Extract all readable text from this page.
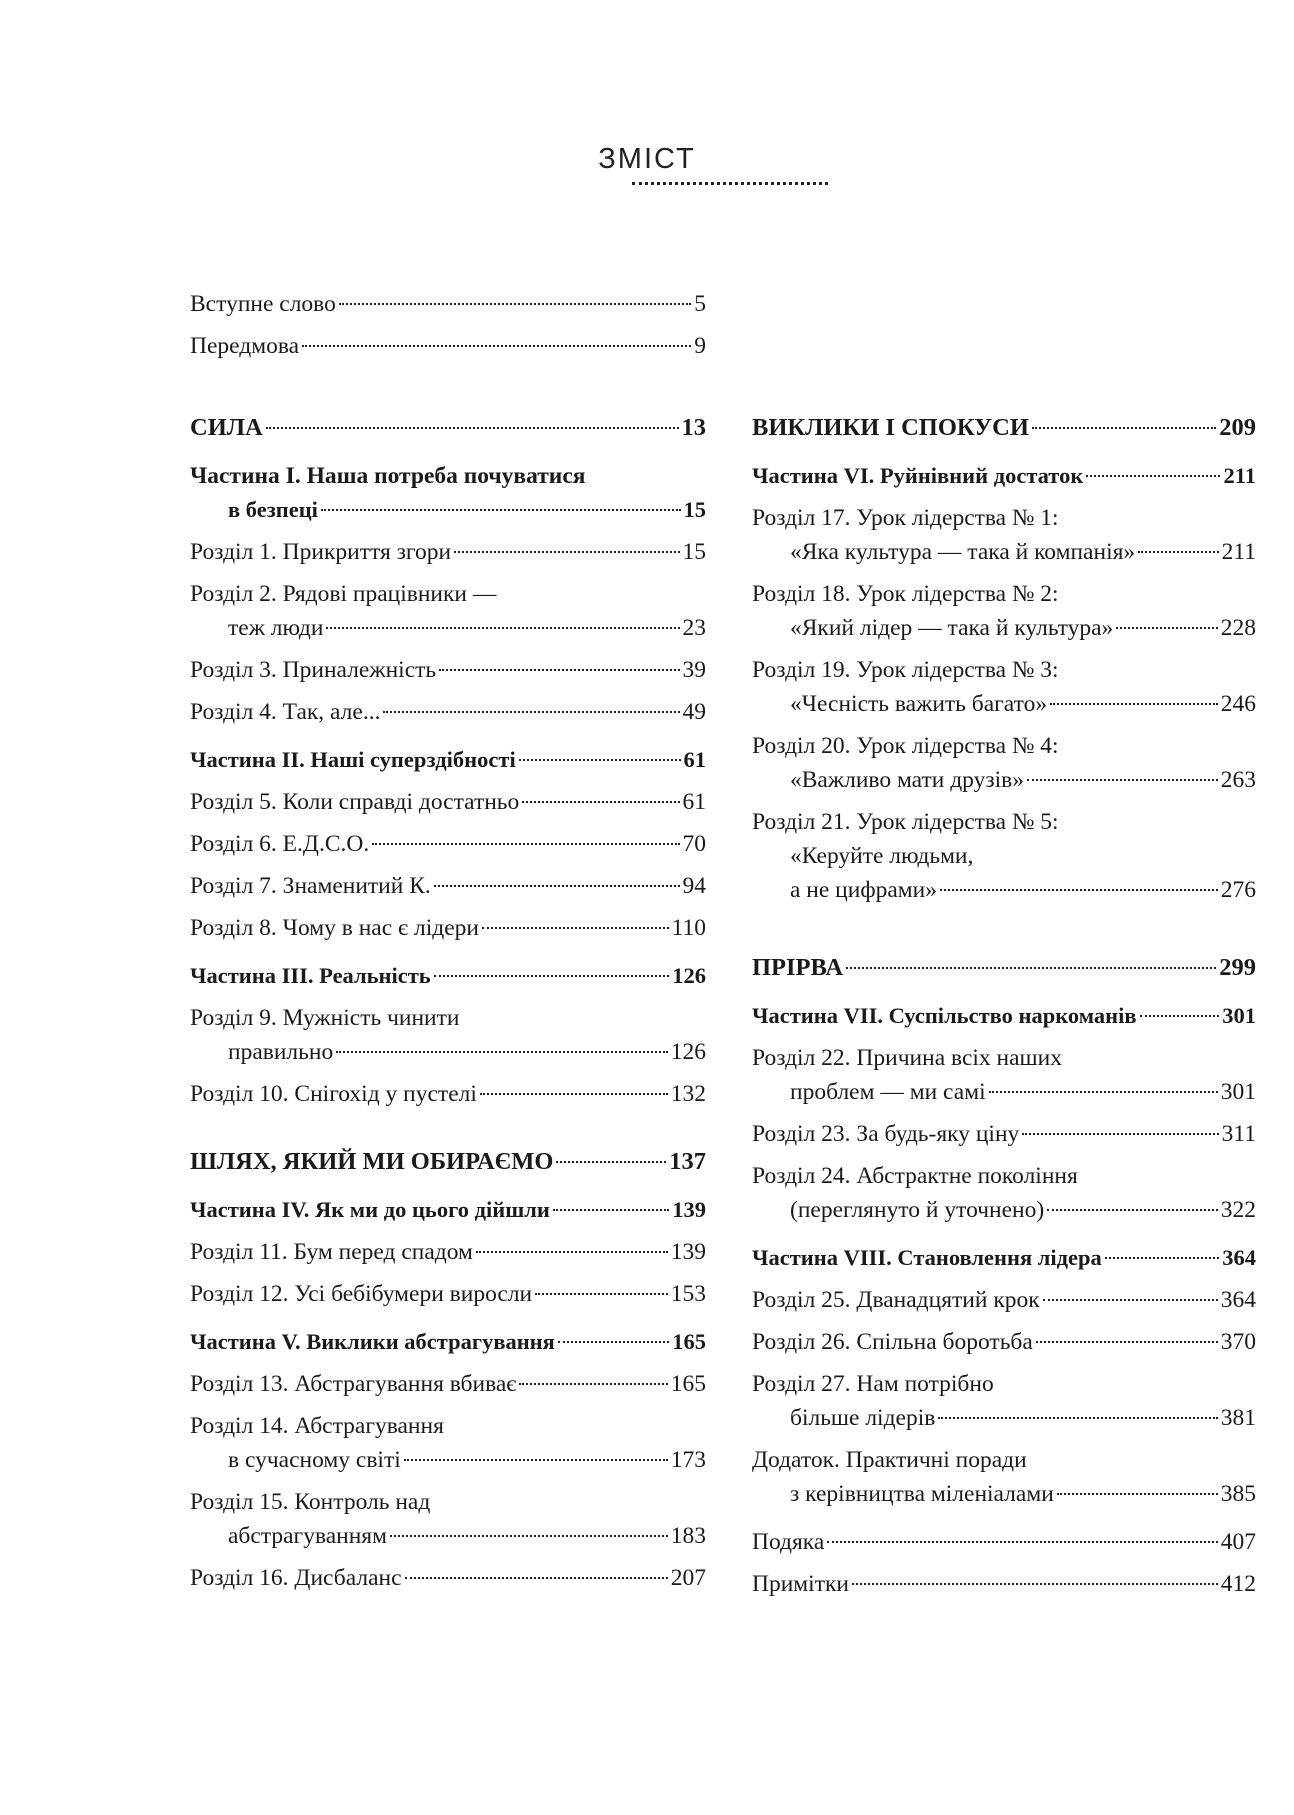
ЗМІСТ
Вступне слово	5
Передмова	9
СИЛА	13
Частина І. Наша потреба почуватися
в безпеці	15
Розділ 1. Прикриття згори	15
Розділ 2. Рядові працівники —
теж люди	23
Розділ 3. Приналежність	39
Розділ 4. Так, але...	49
Частина II. Наші суперздібності	61
Розділ 5. Коли справді достатньо	61
Розділ 6. Е.Д.С.О.	70
Розділ 7. Знаменитий К.	94
Розділ 8. Чому в нас є лідери	110
Частина III. Реальність	126
Розділ 9. Мужність чинити
правильно	126
Розділ 10. Снігохід у пустелі	132
ШЛЯХ, ЯКИЙ МИ ОБИРАЄМО	137
Частина IV. Як ми до цього дійшли	139
Розділ 11. Бум перед спадом	139
Розділ 12. Усі бебібумери виросли	153
Частина V. Виклики абстрагування	165
Розділ 13. Абстрагування вбиває	165
Розділ 14. Абстрагування
в сучасному світі	173
Розділ 15. Контроль над
абстрагуванням	183
Розділ 16. Дисбаланс	207
ВИКЛИКИ І СПОКУСИ	209
Частина VI. Руйнівний достаток	211
Розділ 17. Урок лідерства № 1:
«Яка культура — така й компанія»	211
Розділ 18. Урок лідерства № 2:
«Який лідер — така й культура»	228
Розділ 19. Урок лідерства № 3:
«Чесність важить багато»	246
Розділ 20. Урок лідерства № 4:
«Важливо мати друзів»	263
Розділ 21. Урок лідерства № 5:
«Керуйте людьми,
а не цифрами»	276
ПРІРВА	299
Частина VII. Суспільство наркоманів	301
Розділ 22. Причина всіх наших
проблем — ми самі	301
Розділ 23. За будь-яку ціну	311
Розділ 24. Абстрактне покоління
(переглянуто й уточнено)	322
Частина VIII. Становлення лідера	364
Розділ 25. Дванадцятий крок	364
Розділ 26. Спільна боротьба	370
Розділ 27. Нам потрібно
більше лідерів	381
Додаток. Практичні поради
з керівництва міленіалами	385
Подяка	407
Примітки	412
